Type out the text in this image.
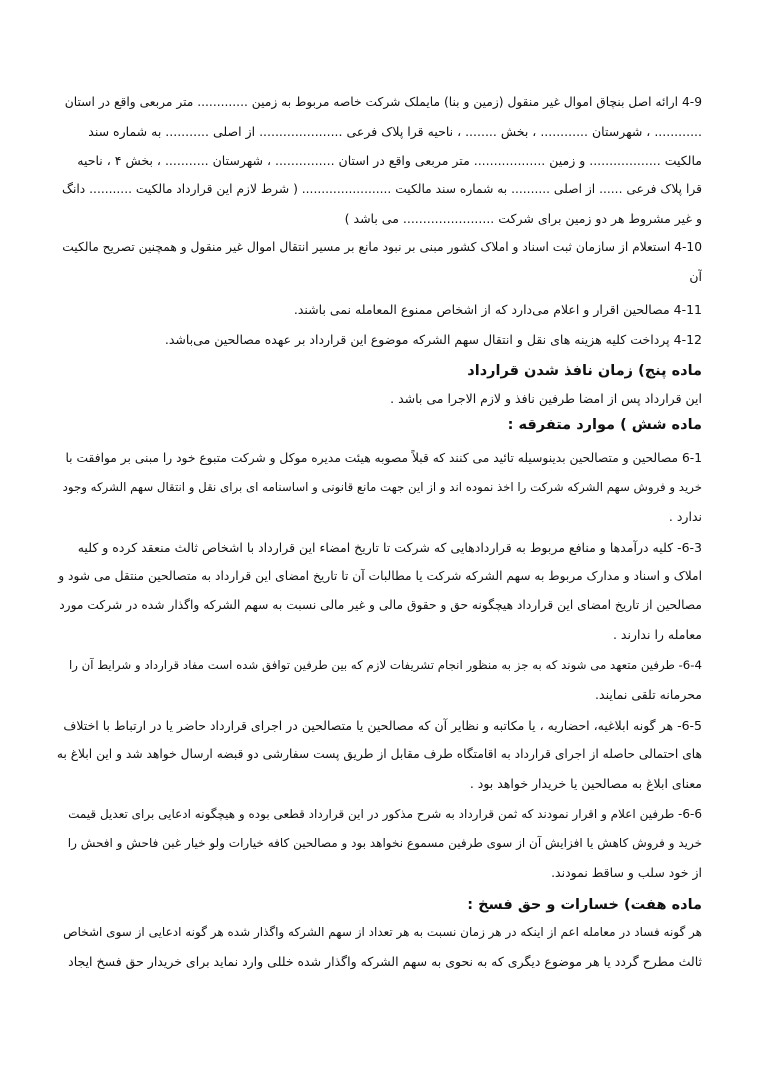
4-9 ارائه اصل بنچاق اموال غیر منقول (زمین و بنا) مایملک شرکت خاصه مربوط به زمین ............. متر مربعی واقع در استان
............ ، شهرستان ............ ، بخش ........ ، ناحیه قرا پلاک فرعی ..................... از اصلی ........... به شماره سند
مالکیت .................. و زمین .................. متر مربعی واقع در استان ............... ، شهرستان ........... ، بخش ۴ ، ناحیه
قرا پلاک فرعی ...... از اصلی .......... به شماره سند مالکیت ....................... ( شرط لازم این قرارداد مالکیت ........... دانگ
و غیر مشروط هر دو زمین برای شرکت ....................... می باشد )
4-10 استعلام از سازمان ثبت اسناد و املاک کشور مبنی بر نبود مانع بر مسیر انتقال اموال غیر منقول و همچنین تصریح مالکیت
آن
4-11 مصالحین اقرار و اعلام می‌دارد که از اشخاص ممنوع المعامله نمی باشند.
4-12 پرداخت کلیه هزینه های نقل و انتقال سهم الشرکه موضوع این قرارداد بر عهده مصالحین می‌باشد.
ماده پنج) زمان نافذ شدن قرارداد
این قرارداد پس از امضا طرفین نافذ و لازم الاجرا می باشد .
ماده شش ) موارد متفرقه :
6-1 مصالحین و متصالحین بدینوسیله تائید می کنند که قبلاً مصوبه هیئت مدیره موکل و شرکت متبوع خود را مبنی بر موافقت با
خرید و فروش سهم الشرکه شرکت را اخذ نموده اند و از این جهت مانع قانونی و اساسنامه ای برای نقل و انتقال سهم الشرکه وجود
ندارد .
6-3- کلیه درآمدها و منافع مربوط به قراردادهایی که شرکت تا تاریخ امضاء این قرارداد با اشخاص ثالث منعقد کرده و کلیه
املاک و اسناد و مدارک مربوط به سهم الشرکه شرکت یا مطالبات آن تا تاریخ امضای این قرارداد به متصالحین منتقل می شود و
مصالحین از تاریخ امضای این قرارداد هیچگونه حق و حقوق مالی و غیر مالی نسبت به سهم الشرکه واگذار شده در شرکت مورد
معامله را ندارند .
6-4- طرفین متعهد می شوند که به جز به منظور انجام تشریفات لازم که بین طرفین توافق شده است مفاد قرارداد و شرایط آن را
محرمانه تلقی نمایند.
6-5- هر گونه ابلاغیه، احضاریه ، یا مکاتبه و نظایر آن که مصالحین یا متصالحین در اجرای قرارداد حاضر یا در ارتباط با اختلاف
های احتمالی حاصله از اجرای قرارداد به اقامتگاه طرف مقابل از طریق پست سفارشی دو قبضه ارسال خواهد شد و این ابلاغ به
معنای ابلاغ به مصالحین یا خریدار خواهد بود .
6-6- طرفین اعلام و اقرار نمودند که ثمن قرارداد به شرح مذکور در این قرارداد قطعی بوده و هیچگونه ادعایی برای تعدیل قیمت
خرید و فروش کاهش یا افزایش آن از سوی طرفین مسموع نخواهد بود و مصالحین کافه خیارات ولو خیار غبن فاحش و افحش را
از خود سلب و ساقط نمودند.
ماده هفت) خسارات و حق فسخ :
هر گونه فساد در معامله اعم از اینکه در هر زمان نسبت به هر تعداد از سهم الشرکه واگذار شده هر گونه ادعایی از سوی اشخاص
ثالث مطرح گردد یا هر موضوع دیگری که به نحوی به سهم الشرکه واگذار شده خللی وارد نماید برای خریدار حق فسخ ایجاد
